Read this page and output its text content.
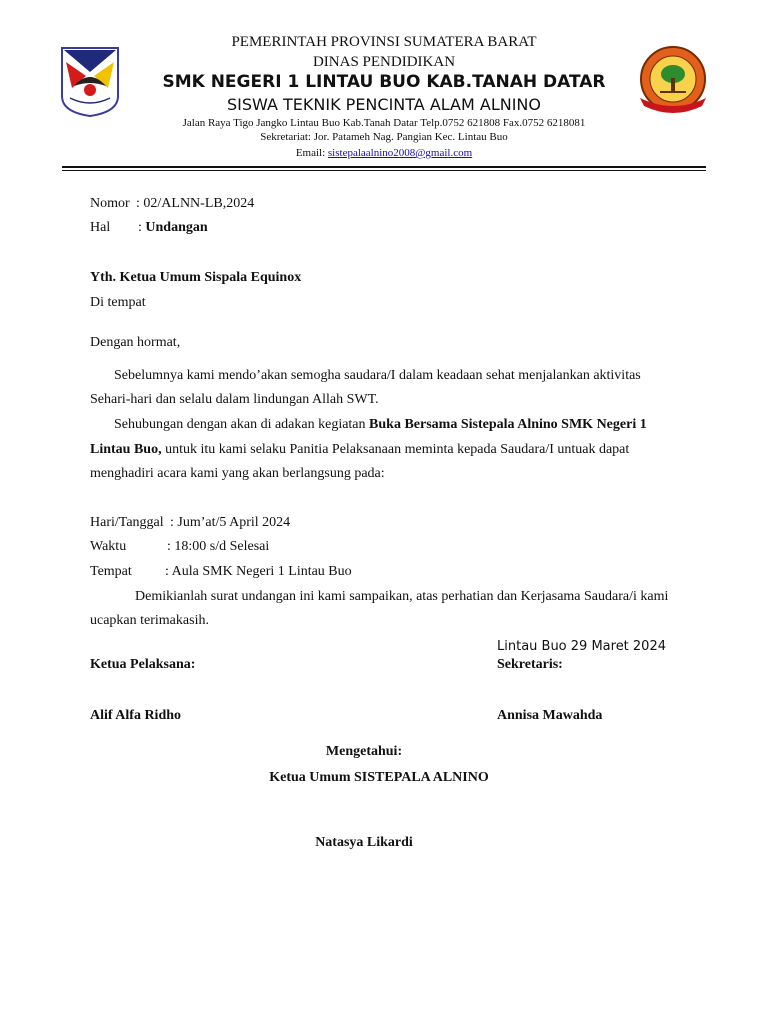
PEMERINTAH PROVINSI SUMATERA BARAT
DINAS PENDIDIKAN
SMK NEGERI 1 LINTAU BUO KAB.TANAH DATAR
SISWA TEKNIK PENCINTA ALAM ALNINO
Jalan Raya Tigo Jangko Lintau Buo Kab.Tanah Datar Telp.0752 621808 Fax.0752 6218081
Sekretariat: Jor. Patameh Nag. Pangian Kec. Lintau Buo
Email: sistepalaalnino2008@gmail.com
Nomor : 02/ALNN-LB,2024
Hal : Undangan
Yth. Ketua Umum Sispala Equinox
Di tempat
Dengan hormat,
Sebelumnya kami mendo’akan semogha saudara/I dalam keadaan sehat menjalankan aktivitas
Sehari-hari dan selalu dalam lindungan Allah SWT.
Sehubungan dengan akan di adakan kegiatan Buka Bersama Sistepala Alnino SMK Negeri 1
Lintau Buo, untuk itu kami selaku Panitia Pelaksanaan meminta kepada Saudara/I untuak dapat
menghadiri acara kami yang akan berlangsung pada:
Hari/Tanggal : Jum’at/5 April 2024
Waktu	: 18:00 s/d Selesai
Tempat : Aula SMK Negeri 1 Lintau Buo
Demikianlah surat undangan ini kami sampaikan, atas perhatian dan Kerjasama Saudara/i kami
ucapkan terimakasih.
Lintau Buo 29 Maret 2024
Ketua Pelaksana:	Sekretaris:
Alif Alfa Ridho	Annisa Mawahda
Mengetahui:
Ketua Umum SISTEPALA ALNINO
Natasya Likardi
